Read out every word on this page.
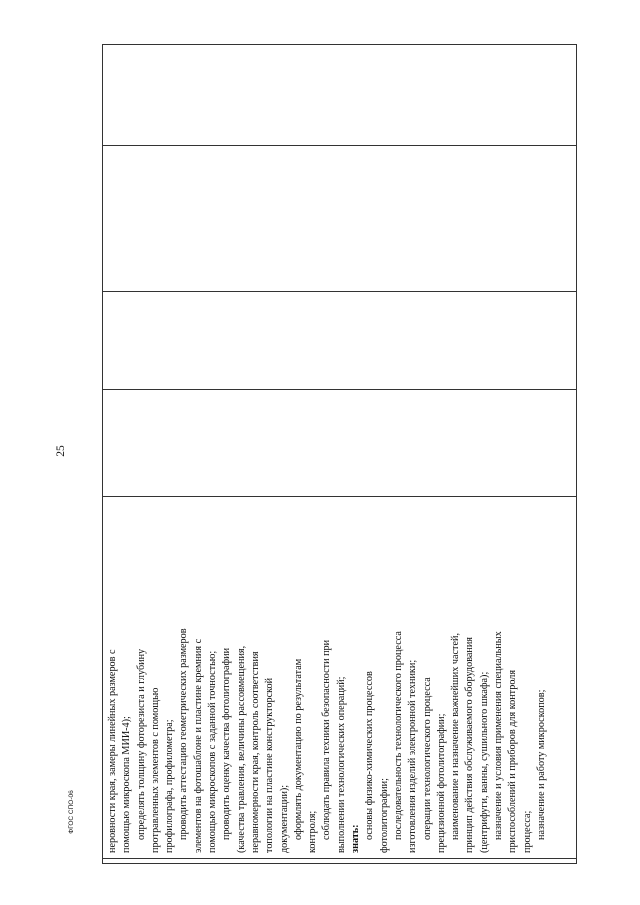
25
ФГОС СПО-06	неровности края, замеры линейных размеров с помощью микроскопа МИИ-4); определять толщину фоторезиста и глубину протравленных элементов с помощью профилографа, профилометра; проводить аттестацию геометрических размеров элементов на фотошаблоне и пластине кремния с помощью микроскопов с заданной точностью; проводить оценку качества фотолитографии (качества травления, величины рассовмещения, неравномерности края, контроль соответствия топологии на пластине конструкторской документации); оформлять документацию по результатам контроля; соблюдать правила техники безопасности при выполнении технологических операций; знать: основы физико-химических процессов фотолитографии; последовательность технологического процесса изготовления изделий электронной техники; операции технологического процесса прецизионной фотолитографии; наименование и назначение важнейших частей, принцип действия обслуживаемого оборудования (центрифуги, ванны, сушильного шкафа); назначение и условия применения специальных приспособлений и приборов для контроля процесса; назначение и работу микроскопов;
